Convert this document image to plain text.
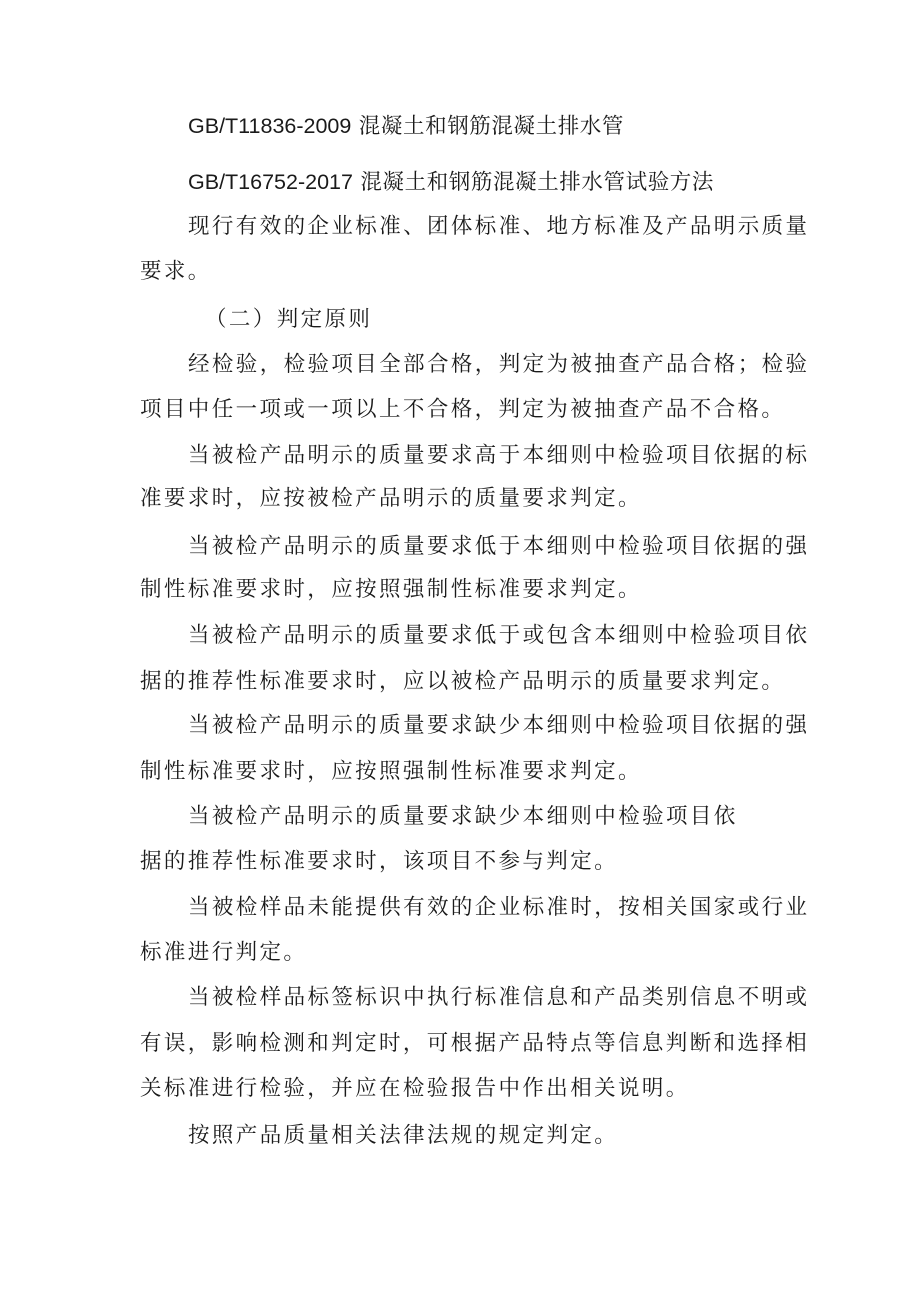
GB/T11836-2009 混凝土和钢筋混凝土排水管
GB/T16752-2017 混凝土和钢筋混凝土排水管试验方法
现行有效的企业标准、团体标准、地方标准及产品明示质量
要求。
（二）判定原则
经检验，检验项目全部合格，判定为被抽查产品合格；检验
项目中任一项或一项以上不合格，判定为被抽查产品不合格。
当被检产品明示的质量要求高于本细则中检验项目依据的标
准要求时，应按被检产品明示的质量要求判定。
当被检产品明示的质量要求低于本细则中检验项目依据的强
制性标准要求时，应按照强制性标准要求判定。
当被检产品明示的质量要求低于或包含本细则中检验项目依
据的推荐性标准要求时，应以被检产品明示的质量要求判定。
当被检产品明示的质量要求缺少本细则中检验项目依据的强
制性标准要求时，应按照强制性标准要求判定。
当被检产品明示的质量要求缺少本细则中检验项目依
据的推荐性标准要求时，该项目不参与判定。
当被检样品未能提供有效的企业标准时，按相关国家或行业
标准进行判定。
当被检样品标签标识中执行标准信息和产品类别信息不明或
有误，影响检测和判定时，可根据产品特点等信息判断和选择相
关标准进行检验，并应在检验报告中作出相关说明。
按照产品质量相关法律法规的规定判定。
